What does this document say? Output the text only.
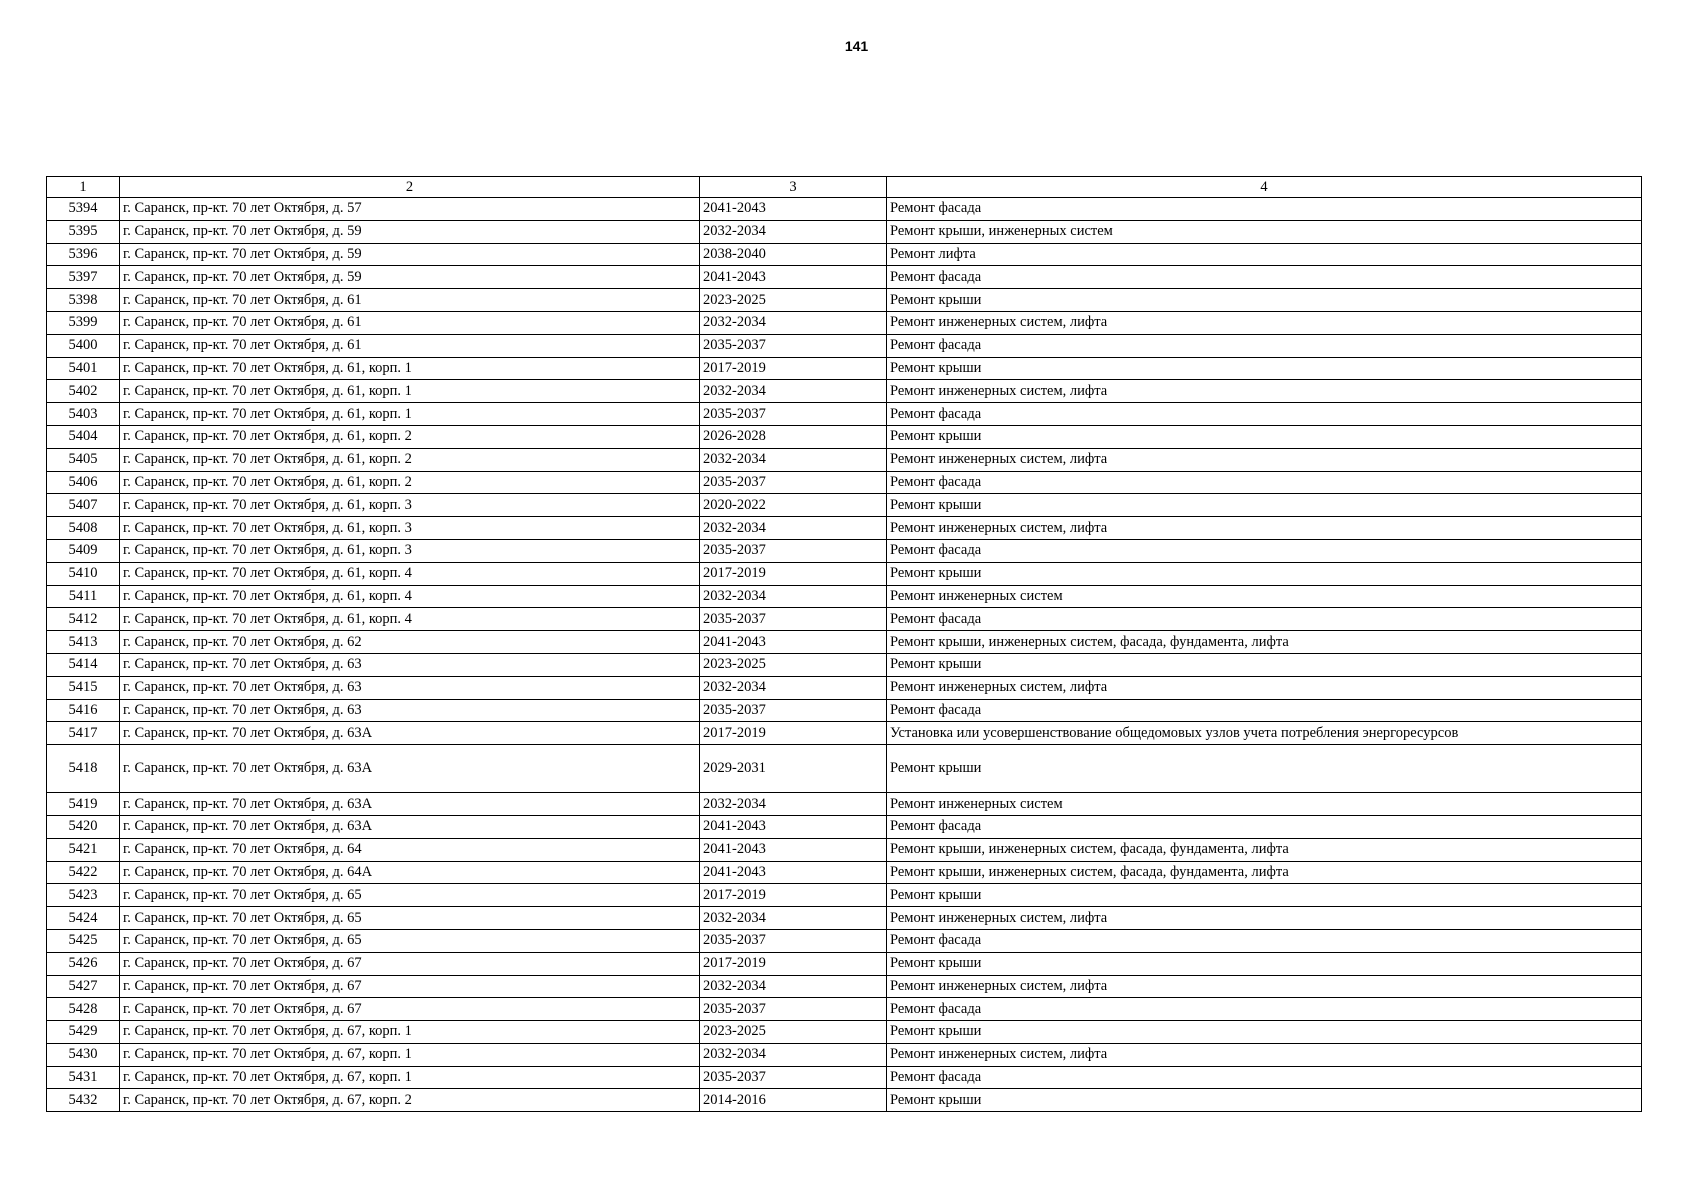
141
1	2	3	4
5394	г. Саранск, пр-кт. 70 лет Октября, д. 57	2041-2043	Ремонт фасада
5395	г. Саранск, пр-кт. 70 лет Октября, д. 59	2032-2034	Ремонт крыши, инженерных систем
5396	г. Саранск, пр-кт. 70 лет Октября, д. 59	2038-2040	Ремонт лифта
5397	г. Саранск, пр-кт. 70 лет Октября, д. 59	2041-2043	Ремонт фасада
5398	г. Саранск, пр-кт. 70 лет Октября, д. 61	2023-2025	Ремонт крыши
5399	г. Саранск, пр-кт. 70 лет Октября, д. 61	2032-2034	Ремонт инженерных систем, лифта
5400	г. Саранск, пр-кт. 70 лет Октября, д. 61	2035-2037	Ремонт фасада
5401	г. Саранск, пр-кт. 70 лет Октября, д. 61, корп. 1	2017-2019	Ремонт крыши
5402	г. Саранск, пр-кт. 70 лет Октября, д. 61, корп. 1	2032-2034	Ремонт инженерных систем, лифта
5403	г. Саранск, пр-кт. 70 лет Октября, д. 61, корп. 1	2035-2037	Ремонт фасада
5404	г. Саранск, пр-кт. 70 лет Октября, д. 61, корп. 2	2026-2028	Ремонт крыши
5405	г. Саранск, пр-кт. 70 лет Октября, д. 61, корп. 2	2032-2034	Ремонт инженерных систем, лифта
5406	г. Саранск, пр-кт. 70 лет Октября, д. 61, корп. 2	2035-2037	Ремонт фасада
5407	г. Саранск, пр-кт. 70 лет Октября, д. 61, корп. 3	2020-2022	Ремонт крыши
5408	г. Саранск, пр-кт. 70 лет Октября, д. 61, корп. 3	2032-2034	Ремонт инженерных систем, лифта
5409	г. Саранск, пр-кт. 70 лет Октября, д. 61, корп. 3	2035-2037	Ремонт фасада
5410	г. Саранск, пр-кт. 70 лет Октября, д. 61, корп. 4	2017-2019	Ремонт крыши
5411	г. Саранск, пр-кт. 70 лет Октября, д. 61, корп. 4	2032-2034	Ремонт инженерных систем
5412	г. Саранск, пр-кт. 70 лет Октября, д. 61, корп. 4	2035-2037	Ремонт фасада
5413	г. Саранск, пр-кт. 70 лет Октября, д. 62	2041-2043	Ремонт крыши, инженерных систем, фасада, фундамента, лифта
5414	г. Саранск, пр-кт. 70 лет Октября, д. 63	2023-2025	Ремонт крыши
5415	г. Саранск, пр-кт. 70 лет Октября, д. 63	2032-2034	Ремонт инженерных систем, лифта
5416	г. Саранск, пр-кт. 70 лет Октября, д. 63	2035-2037	Ремонт фасада
5417	г. Саранск, пр-кт. 70 лет Октября, д. 63А	2017-2019	Установка или усовершенствование общедомовых узлов учета потребления энергоресурсов
5418	г. Саранск, пр-кт. 70 лет Октября, д. 63А	2029-2031	Ремонт крыши
5419	г. Саранск, пр-кт. 70 лет Октября, д. 63А	2032-2034	Ремонт инженерных систем
5420	г. Саранск, пр-кт. 70 лет Октября, д. 63А	2041-2043	Ремонт фасада
5421	г. Саранск, пр-кт. 70 лет Октября, д. 64	2041-2043	Ремонт крыши, инженерных систем, фасада, фундамента, лифта
5422	г. Саранск, пр-кт. 70 лет Октября, д. 64А	2041-2043	Ремонт крыши, инженерных систем, фасада, фундамента, лифта
5423	г. Саранск, пр-кт. 70 лет Октября, д. 65	2017-2019	Ремонт крыши
5424	г. Саранск, пр-кт. 70 лет Октября, д. 65	2032-2034	Ремонт инженерных систем, лифта
5425	г. Саранск, пр-кт. 70 лет Октября, д. 65	2035-2037	Ремонт фасада
5426	г. Саранск, пр-кт. 70 лет Октября, д. 67	2017-2019	Ремонт крыши
5427	г. Саранск, пр-кт. 70 лет Октября, д. 67	2032-2034	Ремонт инженерных систем, лифта
5428	г. Саранск, пр-кт. 70 лет Октября, д. 67	2035-2037	Ремонт фасада
5429	г. Саранск, пр-кт. 70 лет Октября, д. 67, корп. 1	2023-2025	Ремонт крыши
5430	г. Саранск, пр-кт. 70 лет Октября, д. 67, корп. 1	2032-2034	Ремонт инженерных систем, лифта
5431	г. Саранск, пр-кт. 70 лет Октября, д. 67, корп. 1	2035-2037	Ремонт фасада
5432	г. Саранск, пр-кт. 70 лет Октября, д. 67, корп. 2	2014-2016	Ремонт крыши
